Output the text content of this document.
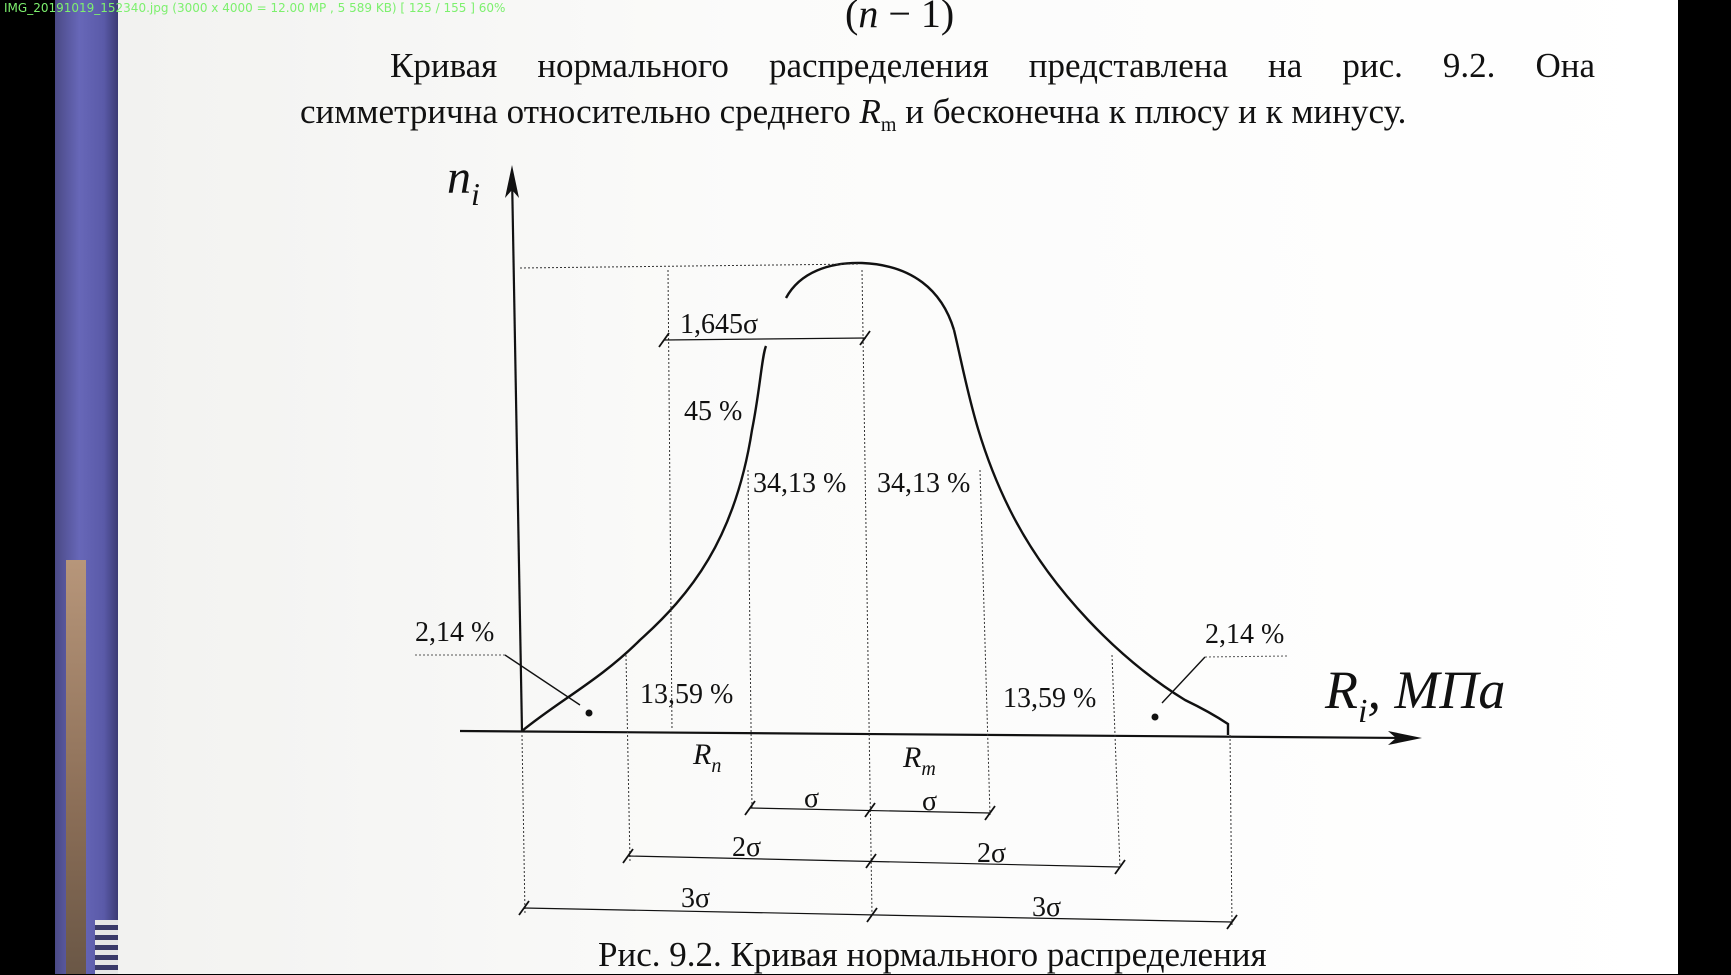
IMG_20191019_152340.jpg (3000 x 4000 = 12.00 MP , 5 589 KB) [ 125 / 155 ] 60%	(n − 1)
Кривая нормального распределения представлена на рис. 9.2. Она
симметрична относительно среднего $R_m$ и бесконечна к плюсу и к минусу.
$n_i$
$R_i$, МПа
1,645σ
45 %
34,13 % 34,13 %
13,59 %	13,59 %
2,14 %	2,14 %
$R_n$	$R_m$
σ	σ
2σ	2σ
3σ	3σ
Рис. 9.2. Кривая нормального распределения
